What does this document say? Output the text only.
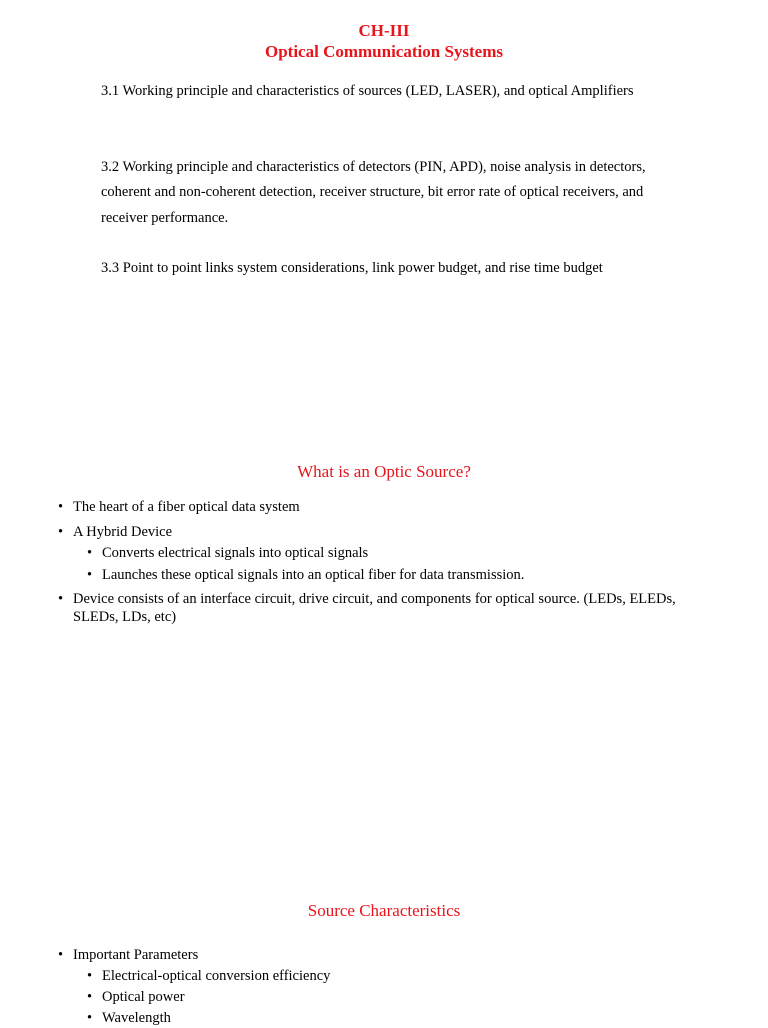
CH-III
Optical Communication Systems
3.1 Working principle and characteristics of sources (LED, LASER), and optical Amplifiers
3.2 Working principle and characteristics of detectors (PIN, APD), noise analysis in detectors, coherent and non-coherent detection, receiver structure, bit error rate of optical receivers, and receiver performance.
3.3 Point to point links system considerations, link power budget, and rise time budget
What is an Optic Source?
• The heart of a fiber optical data system
• A Hybrid Device
• Converts electrical signals into optical signals
• Launches these optical signals into an optical fiber for data transmission.
• Device consists of an interface circuit, drive circuit, and components for optical source. (LEDs, ELEDs, SLEDs, LDs, etc)
Source Characteristics
• Important Parameters
• Electrical-optical conversion efficiency
• Optical power
• Wavelength
